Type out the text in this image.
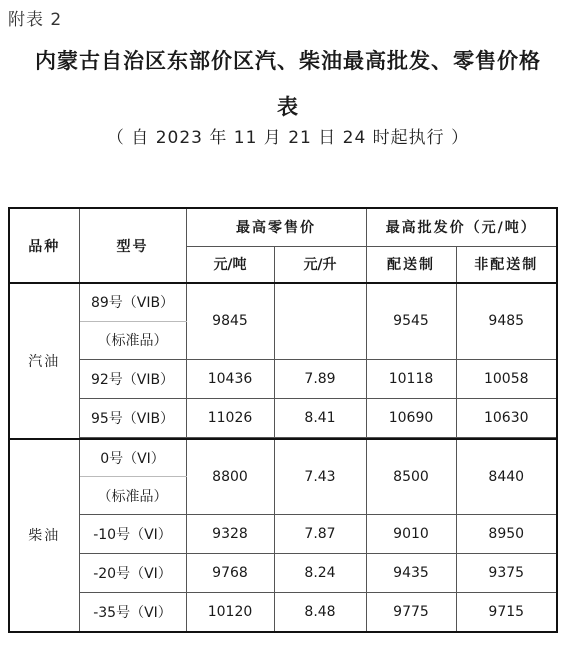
附表 2
内蒙古自治区东部价区汽、柴油最高批发、零售价格
表
（ 自 2023 年 11 月 21 日 24 时起执行 ）
品种	型号	最高零售价		最高批发价（元/吨）	
		元/吨	元/升	配送制	非配送制
汽油	89号（VIB）	9845		9545	9485
	（标准品）				
	92号（VIB）	10436	7.89	10118	10058
	95号（VIB）	11026	8.41	10690	10630

柴油	0号（VI）	8800	7.43	8500	8440
	（标准品）				
	-10号（VI）	9328	7.87	9010	8950
	-20号（VI）	9768	8.24	9435	9375
	-35号（VI）	10120	8.48	9775	9715
